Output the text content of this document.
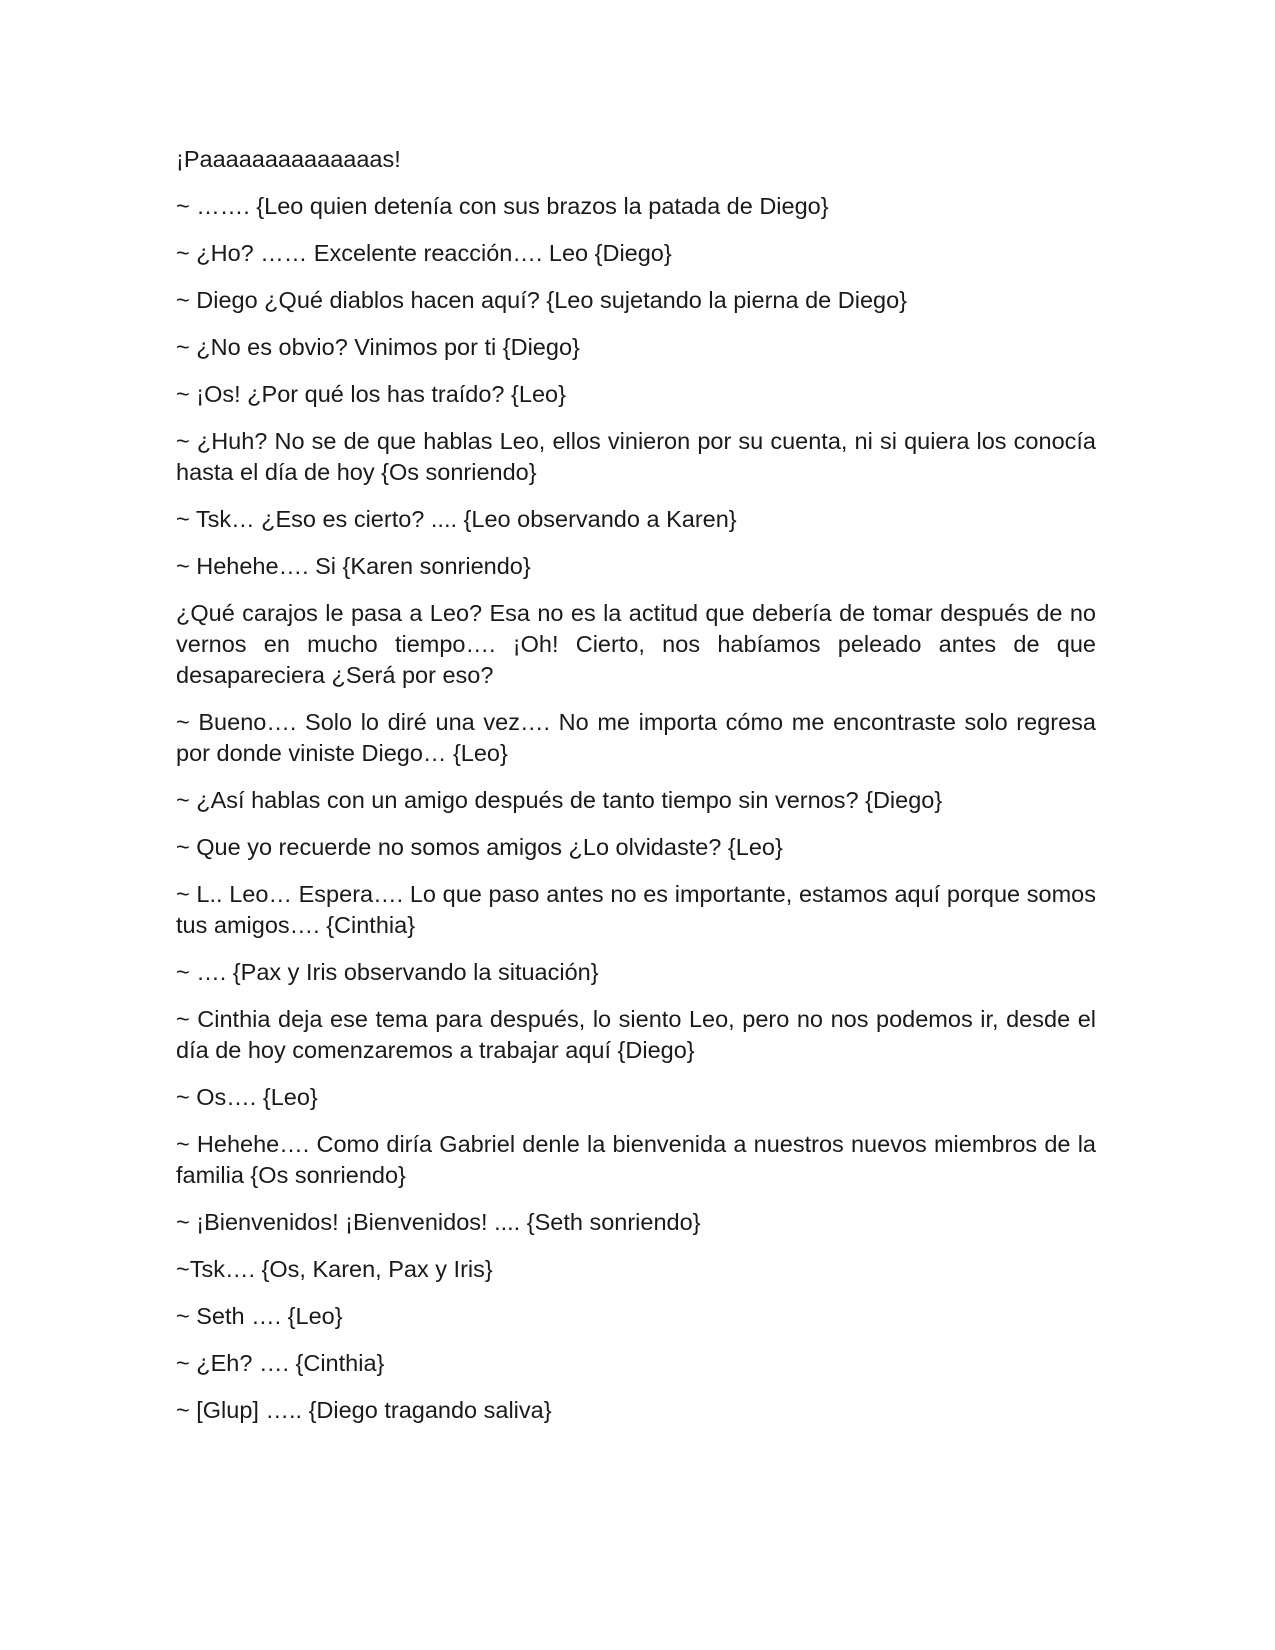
¡Paaaaaaaaaaaaaas!

~ ……. {Leo quien detenía con sus brazos la patada de Diego}

~ ¿Ho? …… Excelente reacción…. Leo {Diego}

~ Diego ¿Qué diablos hacen aquí? {Leo sujetando la pierna de Diego}

~ ¿No es obvio? Vinimos por ti {Diego}

~ ¡Os! ¿Por qué los has traído? {Leo}

~ ¿Huh? No se de que hablas Leo, ellos vinieron por su cuenta, ni si quiera los conocía hasta el día de hoy {Os sonriendo}

~ Tsk… ¿Eso es cierto? .... {Leo observando a Karen}

~ Hehehe…. Si {Karen sonriendo}

¿Qué carajos le pasa a Leo? Esa no es la actitud que debería de tomar después de no vernos en mucho tiempo…. ¡Oh! Cierto, nos habíamos peleado antes de que desapareciera ¿Será por eso?

~ Bueno…. Solo lo diré una vez…. No me importa cómo me encontraste solo regresa por donde viniste Diego… {Leo}

~ ¿Así hablas con un amigo después de tanto tiempo sin vernos? {Diego}

~ Que yo recuerde no somos amigos ¿Lo olvidaste? {Leo}

~ L.. Leo… Espera…. Lo que paso antes no es importante, estamos aquí porque somos tus amigos…. {Cinthia}

~ …. {Pax y Iris observando la situación}

~ Cinthia deja ese tema para después, lo siento Leo, pero no nos podemos ir, desde el día de hoy comenzaremos a trabajar aquí {Diego}

~ Os…. {Leo}

~ Hehehe…. Como diría Gabriel denle la bienvenida a nuestros nuevos miembros de la familia {Os sonriendo}

~ ¡Bienvenidos! ¡Bienvenidos! .... {Seth sonriendo}

~Tsk…. {Os, Karen, Pax y Iris}

~ Seth …. {Leo}

~ ¿Eh? …. {Cinthia}

~ [Glup] ….. {Diego tragando saliva}
